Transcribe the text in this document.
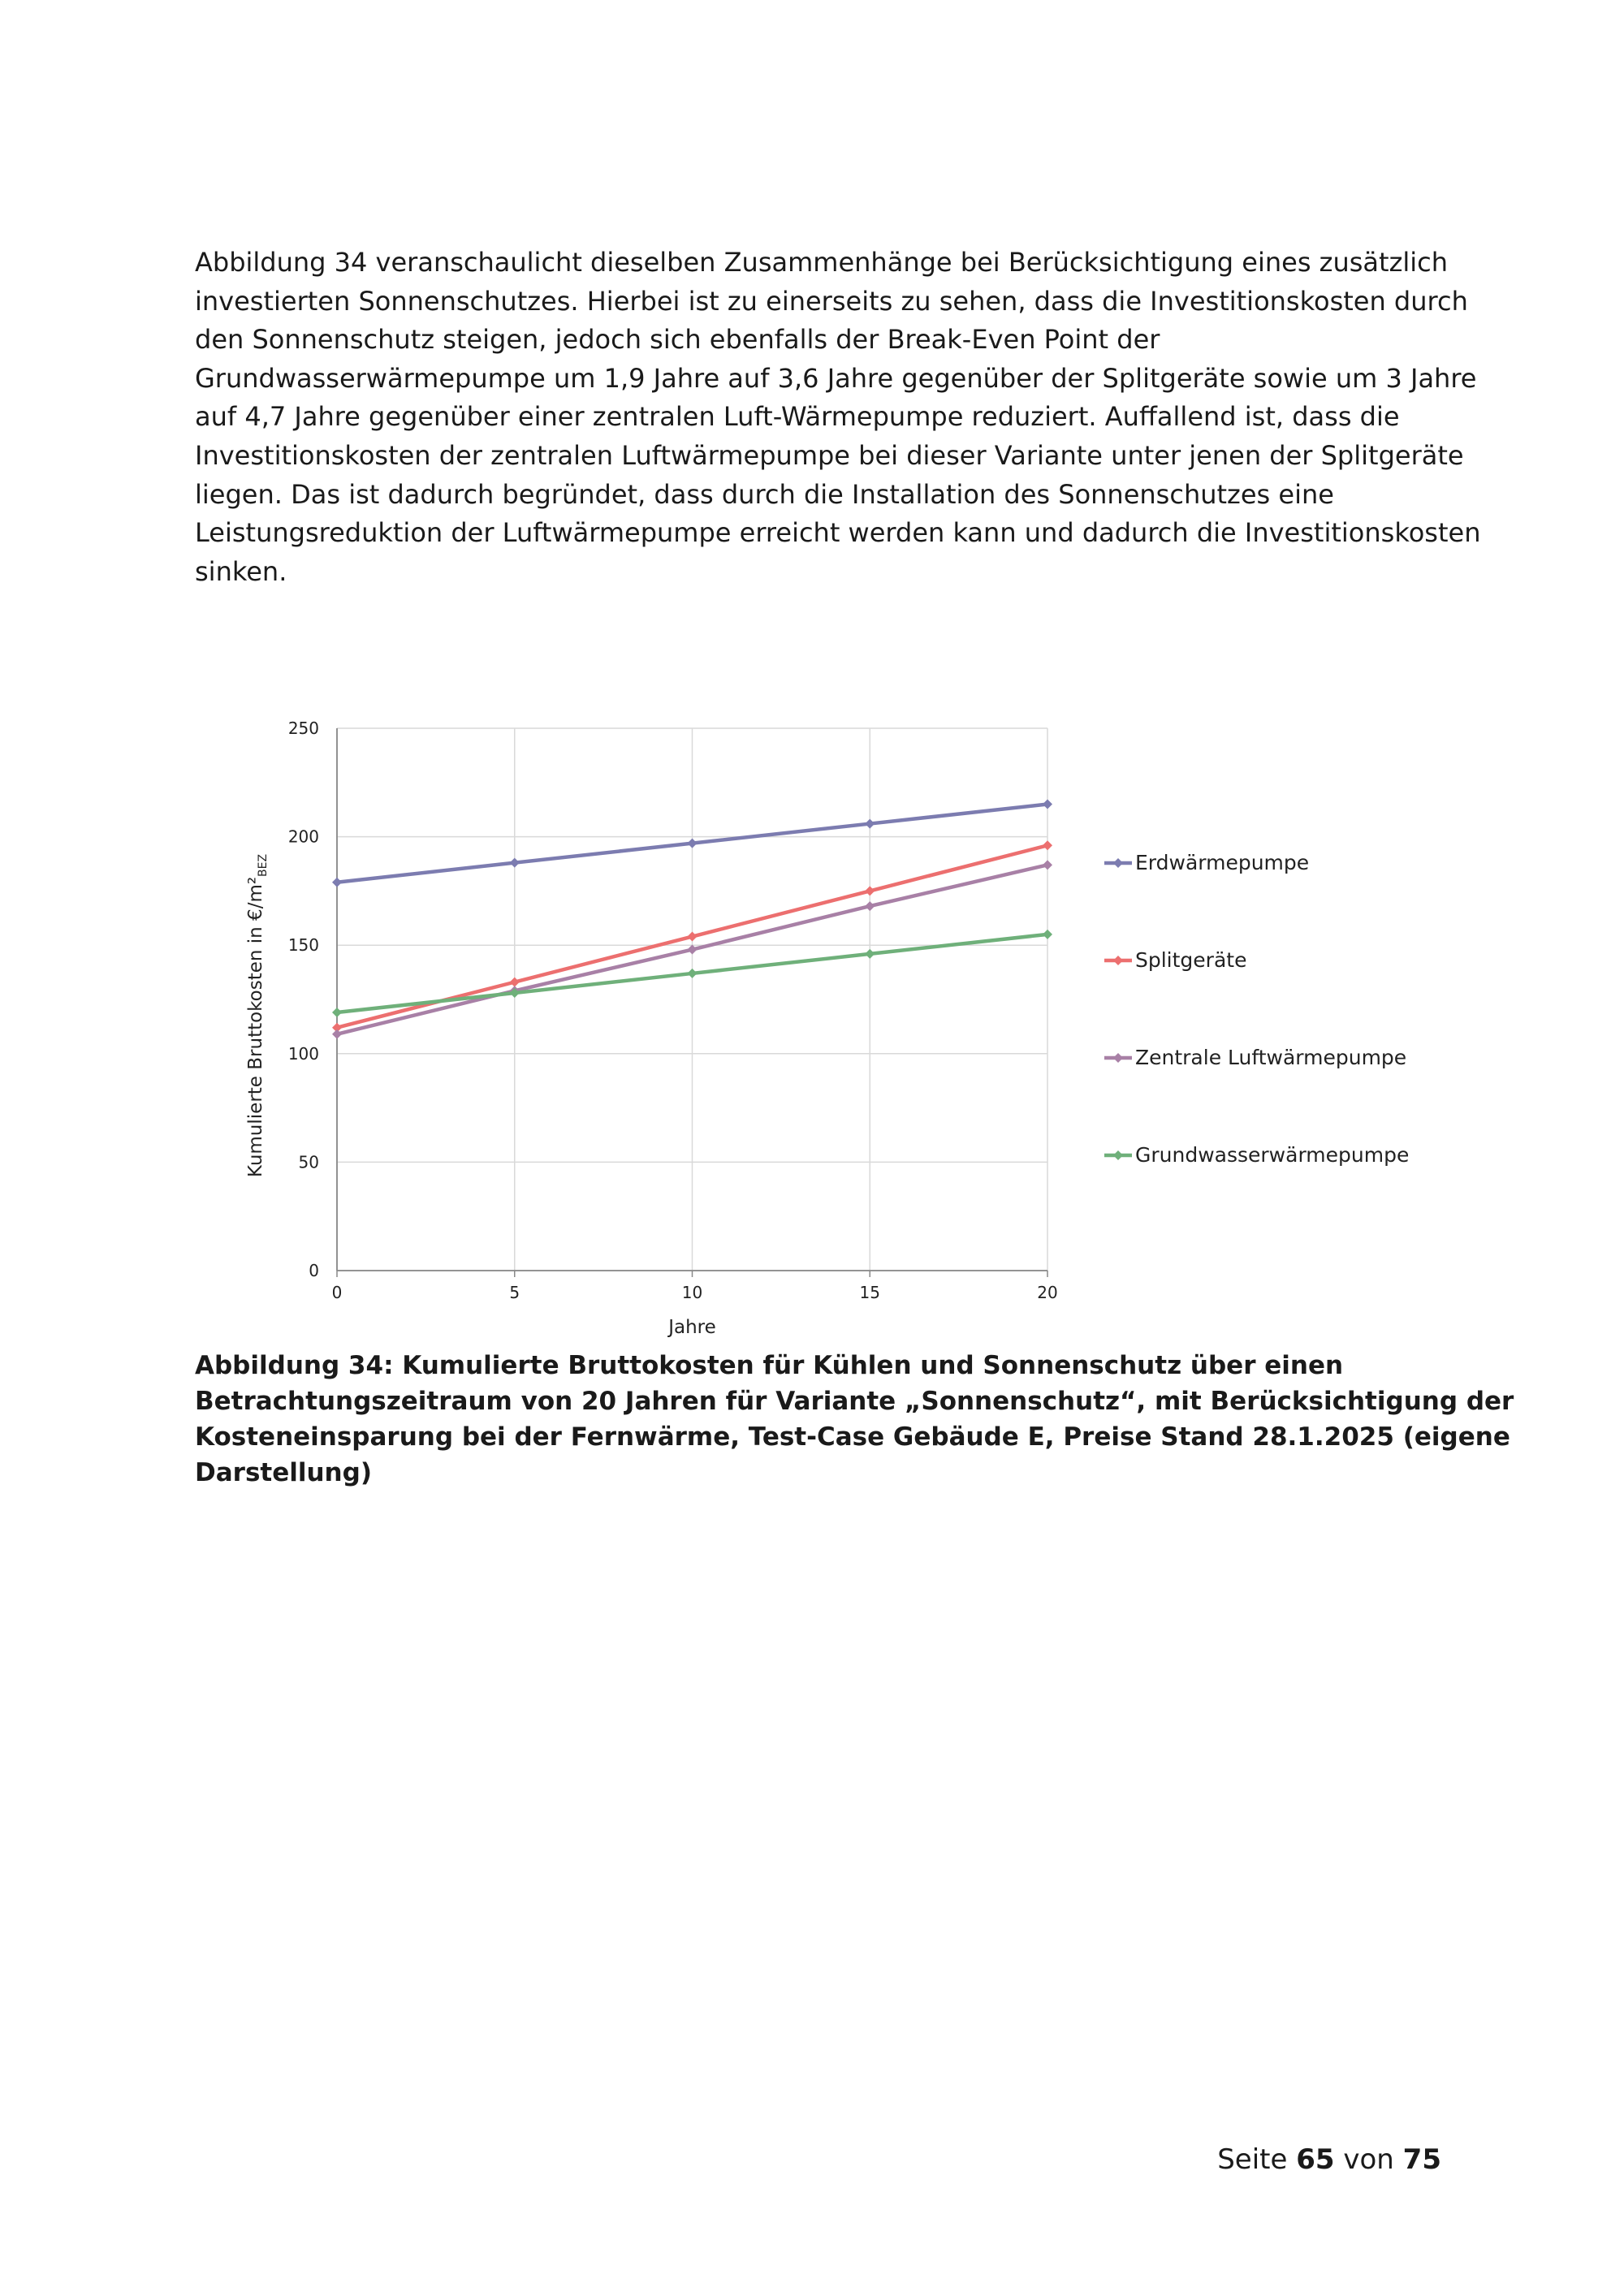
Abbildung 34 veranschaulicht dieselben Zusammenhänge bei Berücksichtigung eines zusätzlich
investierten Sonnenschutzes. Hierbei ist zu einerseits zu sehen, dass die Investitionskosten durch
den Sonnenschutz steigen, jedoch sich ebenfalls der Break-Even Point der
Grundwasserwärmepumpe um 1,9 Jahre auf 3,6 Jahre gegenüber der Splitgeräte sowie um 3 Jahre
auf 4,7 Jahre gegenüber einer zentralen Luft-Wärmepumpe reduziert. Auffallend ist, dass die
Investitionskosten der zentralen Luftwärmepumpe bei dieser Variante unter jenen der Splitgeräte
liegen. Das ist dadurch begründet, dass durch die Installation des Sonnenschutzes eine
Leistungsreduktion der Luftwärmepumpe erreicht werden kann und dadurch die Investitionskosten
sinken.
0
50
100
150
200
250
0	5	10	15	20
Erdwärmepumpe
Splitgeräte
Zentrale Luftwärmepumpe
Grundwasserwärmepumpe
Jahre
Kumulierte Bruttokosten in $€/m^2_{BEZ}$
Abbildung 34: Kumulierte Bruttokosten für Kühlen und Sonnenschutz über einen
Betrachtungszeitraum von 20 Jahren für Variante „Sonnenschutz“, mit Berücksichtigung der
Kosteneinsparung bei der Fernwärme, Test-Case Gebäude E, Preise Stand 28.1.2025 (eigene
Darstellung)
Seite 65 von 75
